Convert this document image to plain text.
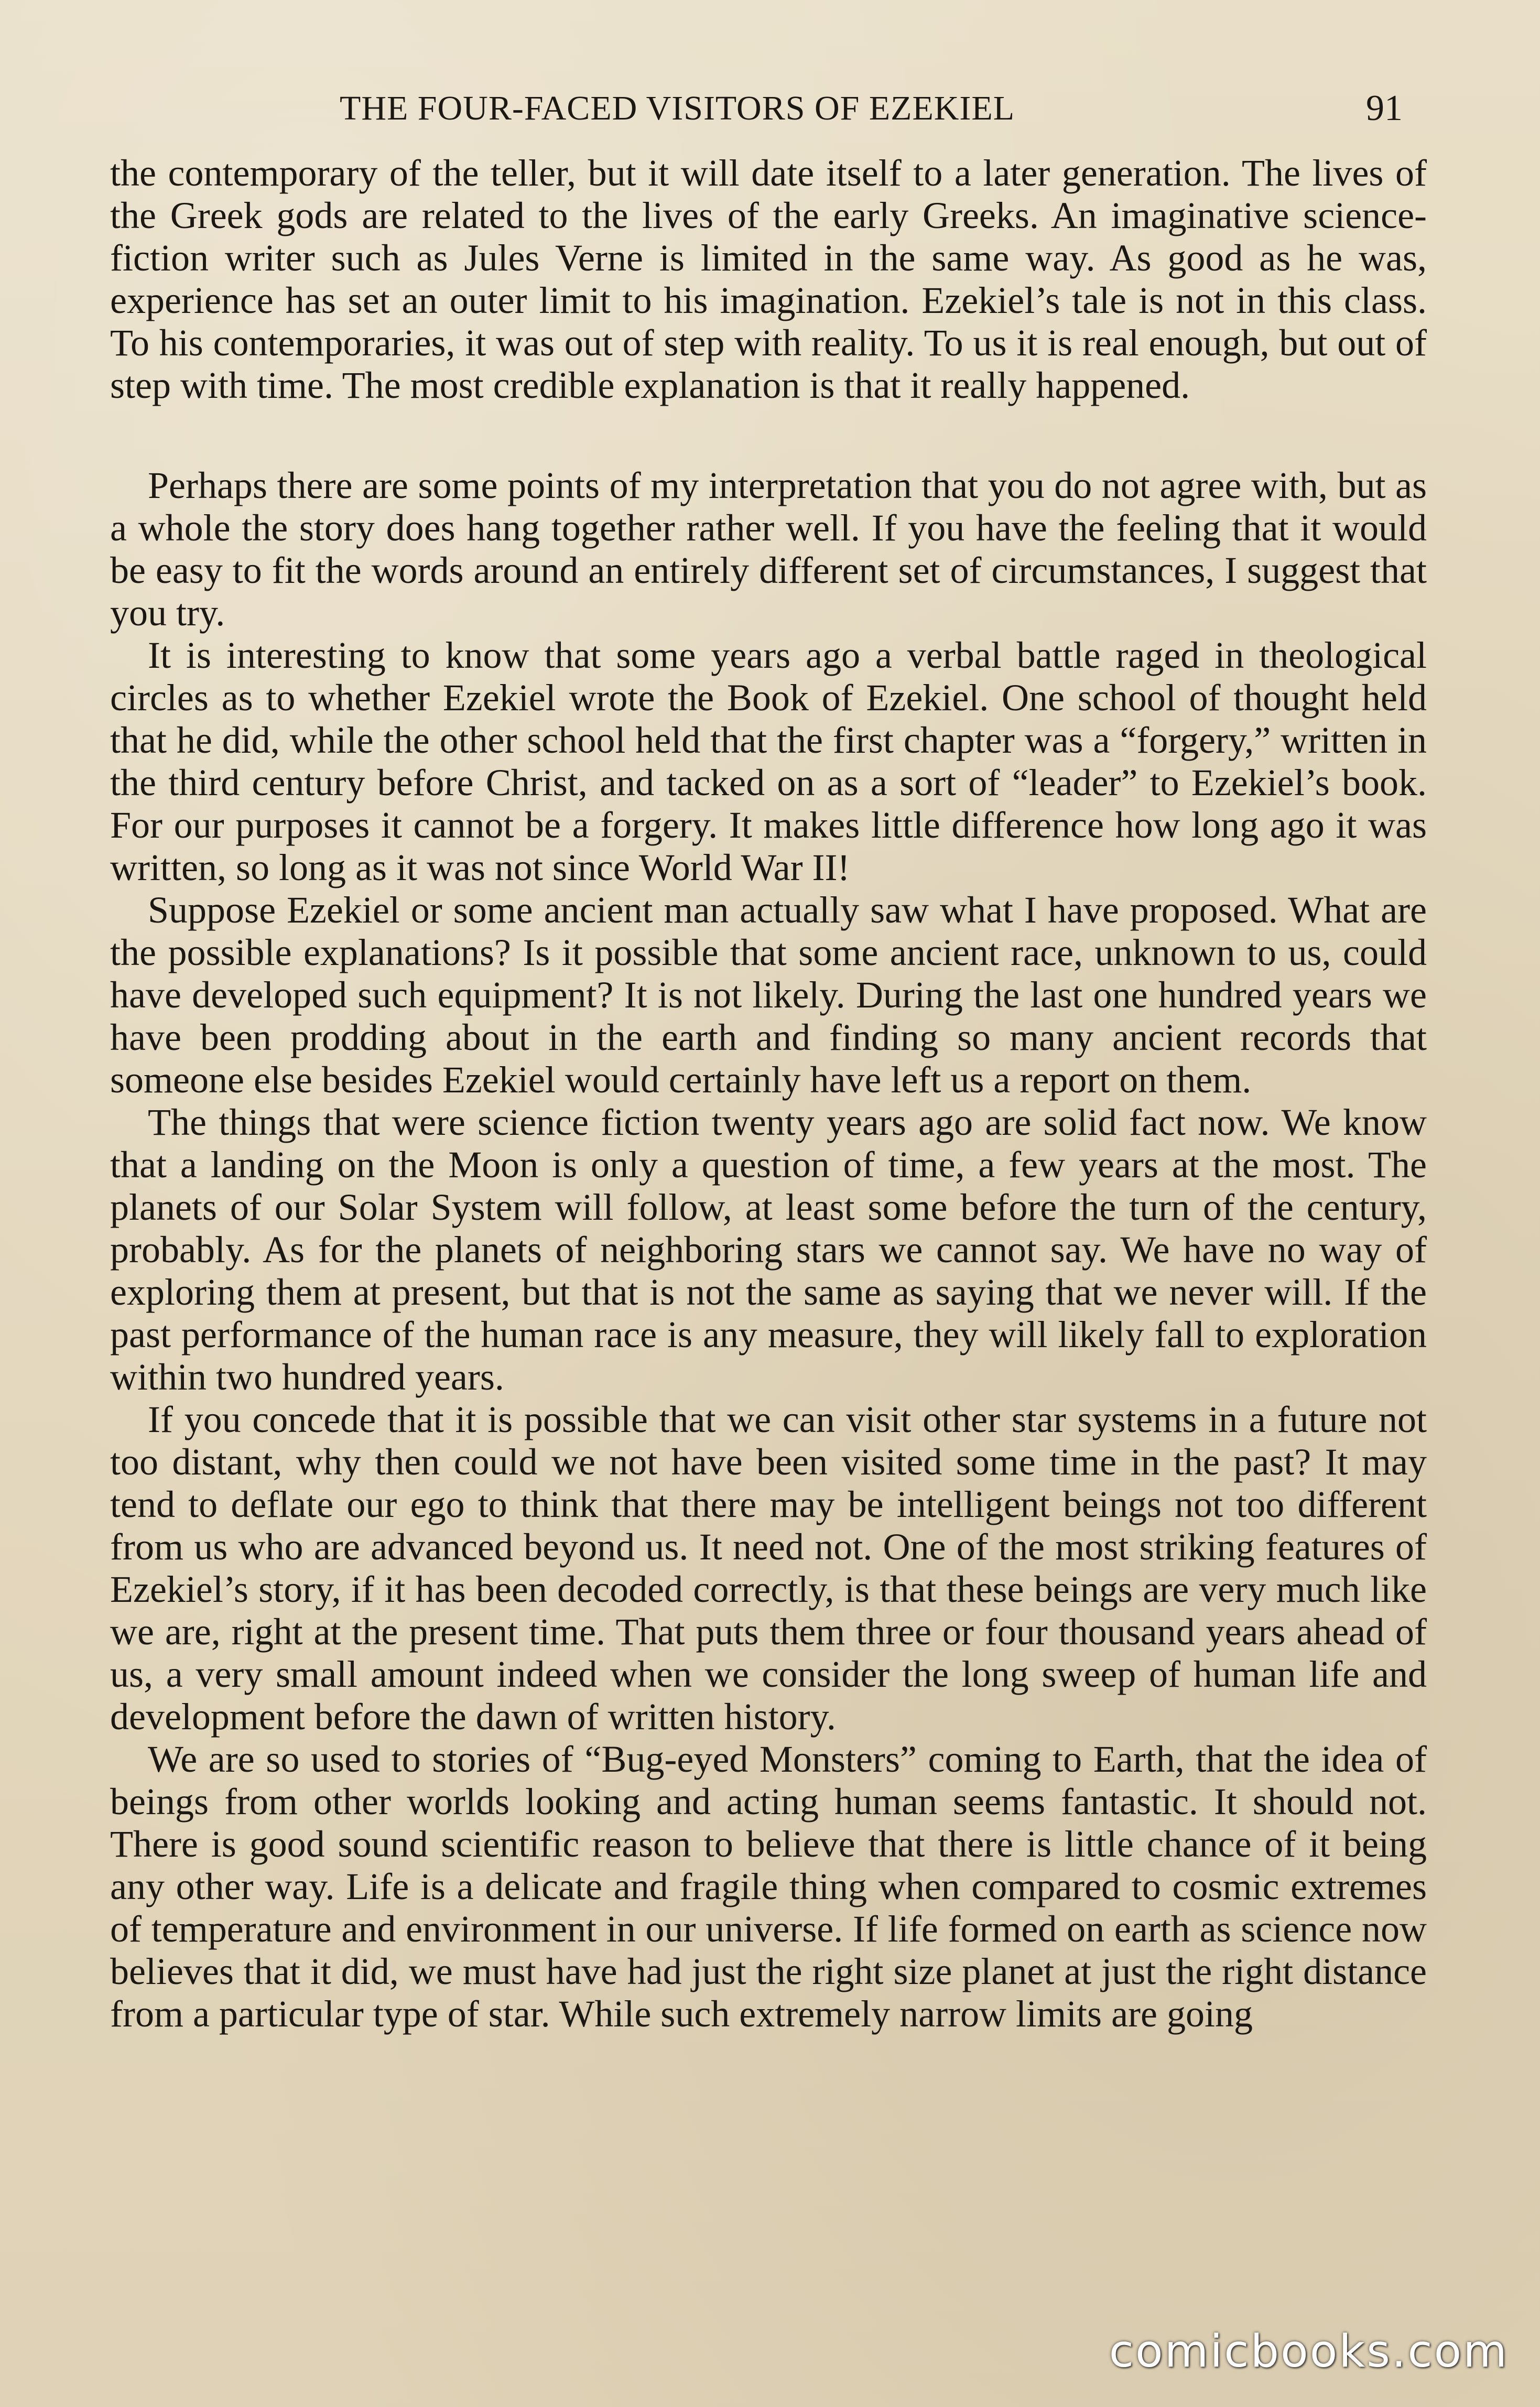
THE FOUR-FACED VISITORS OF EZEKIEL	91

the contemporary of the teller, but it will date itself to a later generation. The lives of the Greek gods are related to the lives of the early Greeks. An imaginative science-fiction writer such as Jules Verne is limited in the same way. As good as he was, experience has set an outer limit to his imagination. Ezekiel’s tale is not in this class. To his contemporaries, it was out of step with reality. To us it is real enough, but out of step with time. The most credible explanation is that it really happened.

Perhaps there are some points of my interpretation that you do not agree with, but as a whole the story does hang together rather well. If you have the feeling that it would be easy to fit the words around an entirely different set of circumstances, I suggest that you try.

It is interesting to know that some years ago a verbal battle raged in theological circles as to whether Ezekiel wrote the Book of Ezekiel. One school of thought held that he did, while the other school held that the first chapter was a “forgery,” written in the third century before Christ, and tacked on as a sort of “leader” to Ezekiel’s book. For our purposes it cannot be a forgery. It makes little difference how long ago it was written, so long as it was not since World War II!

Suppose Ezekiel or some ancient man actually saw what I have proposed. What are the possible explanations? Is it possible that some ancient race, unknown to us, could have developed such equipment? It is not likely. During the last one hundred years we have been prodding about in the earth and finding so many ancient records that someone else besides Ezekiel would certainly have left us a report on them.

The things that were science fiction twenty years ago are solid fact now. We know that a landing on the Moon is only a question of time, a few years at the most. The planets of our Solar System will follow, at least some before the turn of the century, probably. As for the planets of neighboring stars we cannot say. We have no way of exploring them at present, but that is not the same as saying that we never will. If the past performance of the human race is any measure, they will likely fall to exploration within two hundred years.

If you concede that it is possible that we can visit other star systems in a future not too distant, why then could we not have been visited some time in the past? It may tend to deflate our ego to think that there may be intelligent beings not too different from us who are advanced beyond us. It need not. One of the most striking features of Ezekiel’s story, if it has been decoded correctly, is that these beings are very much like we are, right at the present time. That puts them three or four thousand years ahead of us, a very small amount indeed when we consider the long sweep of human life and development before the dawn of written history.

We are so used to stories of “Bug-eyed Monsters” coming to Earth, that the idea of beings from other worlds looking and acting human seems fantastic. It should not. There is good sound scientific reason to believe that there is little chance of it being any other way. Life is a delicate and fragile thing when compared to cosmic extremes of temperature and environment in our universe. If life formed on earth as science now believes that it did, we must have had just the right size planet at just the right distance from a particular type of star. While such extremely narrow limits are going

comicbooks.com
